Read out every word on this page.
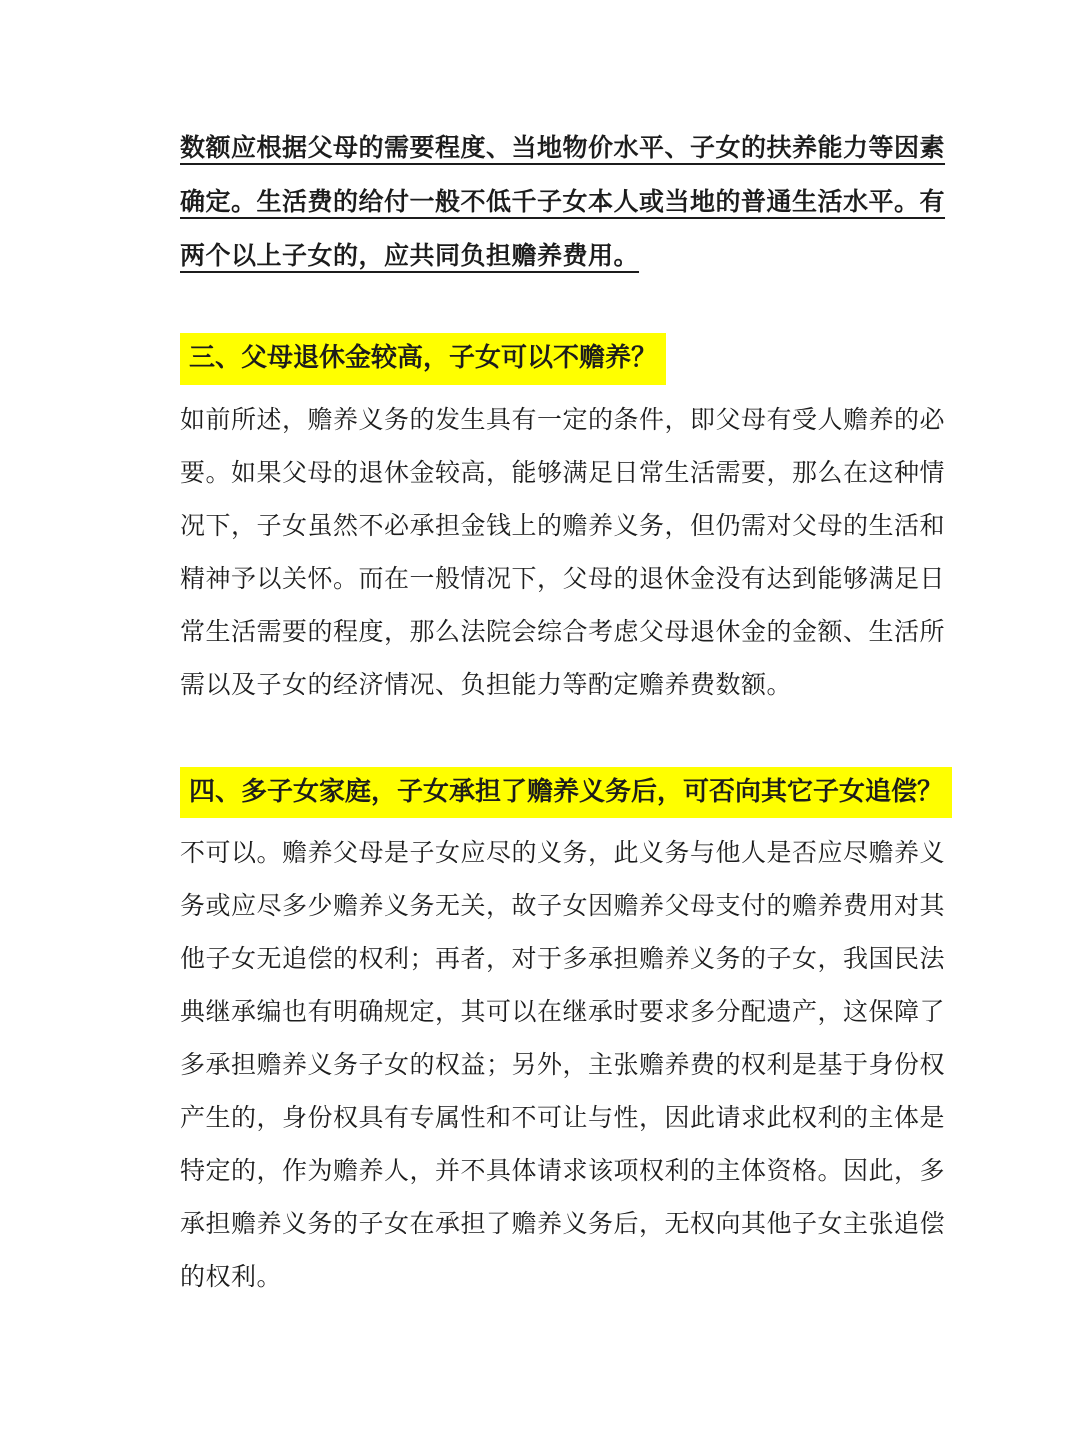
数额应根据父母的需要程度、当地物价水平、子女的扶养能力等因素
确定。生活费的给付一般不低千子女本人或当地的普通生活水平。有
两个以上子女的，应共同负担赡养费用。
三、父母退休金较高，子女可以不赡养？
如前所述，赡养义务的发生具有一定的条件，即父母有受人赡养的必
要。如果父母的退休金较高，能够满足日常生活需要，那么在这种情
况下，子女虽然不必承担金钱上的赡养义务，但仍需对父母的生活和
精神予以关怀。而在一般情况下，父母的退休金没有达到能够满足日
常生活需要的程度，那么法院会综合考虑父母退休金的金额、生活所
需以及子女的经济情况、负担能力等酌定赡养费数额。
四、多子女家庭，子女承担了赡养义务后，可否向其它子女追偿？
不可以。赡养父母是子女应尽的义务，此义务与他人是否应尽赡养义
务或应尽多少赡养义务无关，故子女因赡养父母支付的赡养费用对其
他子女无追偿的权利；再者，对于多承担赡养义务的子女，我国民法
典继承编也有明确规定，其可以在继承时要求多分配遗产，这保障了
多承担赡养义务子女的权益；另外，主张赡养费的权利是基于身份权
产生的，身份权具有专属性和不可让与性，因此请求此权利的主体是
特定的，作为赡养人，并不具体请求该项权利的主体资格。因此，多
承担赡养义务的子女在承担了赡养义务后，无权向其他子女主张追偿
的权利。
